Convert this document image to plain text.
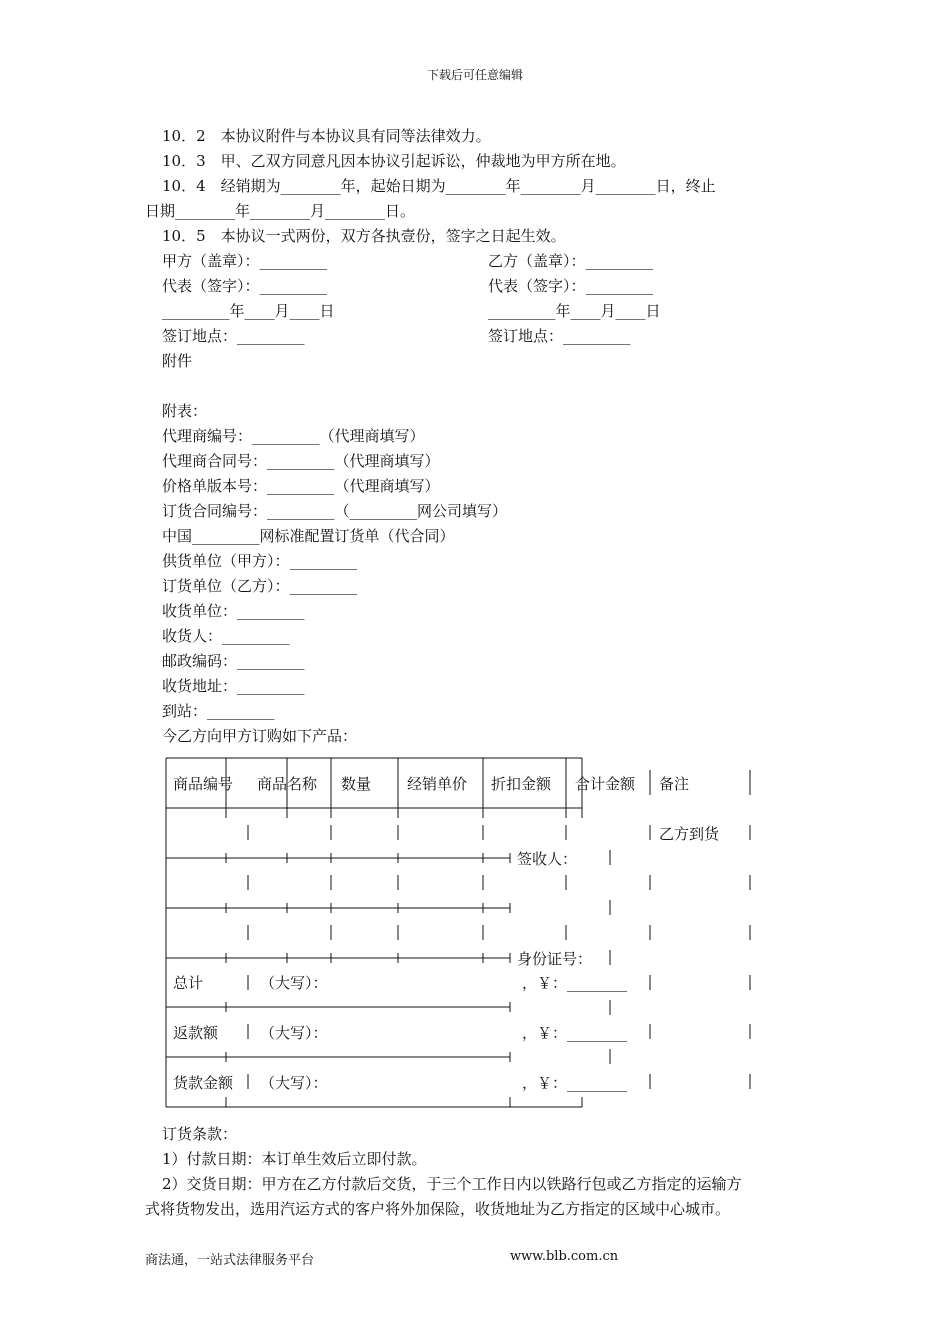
下载后可任意编辑
10．2　本协议附件与本协议具有同等法律效力。
10．3　甲、乙双方同意凡因本协议引起诉讼，仲裁地为甲方所在地。
10．4　经销期为________年，起始日期为________年________月________日，终止
日期________年________月________日。
10．5　本协议一式两份，双方各执壹份，签字之日起生效。
甲方（盖章）：_________	乙方（盖章）：_________
代表（签字）：_________	代表（签字）：_________
_________年____月____日	_________年____月____日
签订地点：_________	签订地点：_________
附件
附表：
代理商编号：_________（代理商填写）
代理商合同号：_________（代理商填写）
价格单版本号：_________（代理商填写）
订货合同编号：_________（_________网公司填写）
中国_________网标准配置订货单（代合同）
供货单位（甲方）：_________
订货单位（乙方）：_________
收货单位：_________
收货人：_________
邮政编码：_________
收货地址：_________
到站：_________
今乙方向甲方订购如下产品：
商品编号 商品名称 数量 经销单价 折扣金额 合计金额 备注
乙方到货
签收人：
身份证号：
总计	（大写）：	，￥：________
返款额	（大写）：	，￥：________
货款金额 （大写）：	，￥：________
订货条款：
1）付款日期：本订单生效后立即付款。
2）交货日期：甲方在乙方付款后交货，于三个工作日内以铁路行包或乙方指定的运输方
式将货物发出，选用汽运方式的客户将外加保险，收货地址为乙方指定的区域中心城市。
商法通，一站式法律服务平台	www.blb.com.cn
